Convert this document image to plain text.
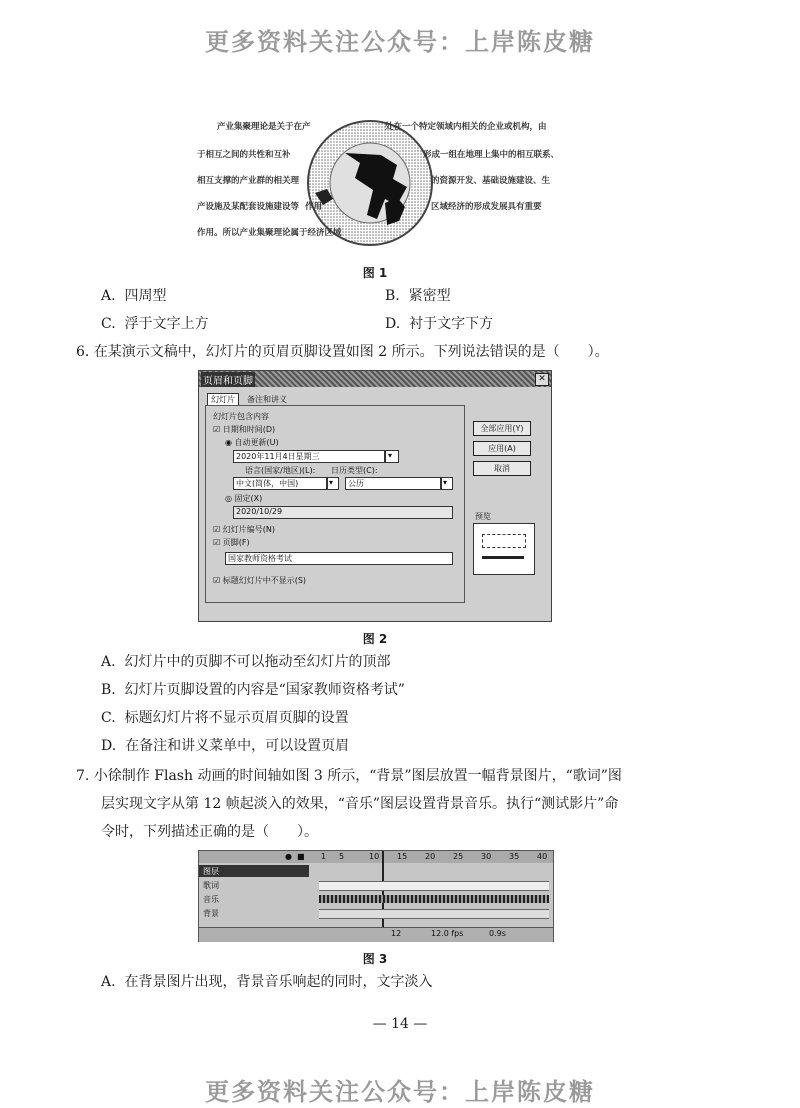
更多资料关注公众号：上岸陈皮糖
产业集聚理论是关于在产	处在一个特定领域内相关的企业或机构，由
于相互之间的共性和互补	形成一组在地理上集中的相互联系、
相互支撑的产业群的相关理	的资源开发、基础设施建设、生
产设施及某配套设施建设等 作用	区域经济的形成发展具有重要
作用。所以产业集聚理论属于经济区域
图 1
A. 四周型	B. 紧密型
C. 浮于文字上方	D. 衬于文字下方
6. 在某演示文稿中，幻灯片的页眉页脚设置如图 2 所示。下列说法错误的是（　　）。
页眉和页脚	✕
幻灯片	备注和讲义
幻灯片包含内容
☑ 日期和时间(D)
◉ 自动更新(U)
2020年11月4日星期三	▾
语言(国家/地区)(L): 日历类型(C):
中文(简体，中国)	▾ 公历	▾
◎ 固定(X)
2020/10/29
☑ 幻灯片编号(N)
☑ 页脚(F)
国家教师资格考试
☑ 标题幻灯片中不显示(S)
全部应用(Y)
应用(A)
取消
预览
图 2
A. 幻灯片中的页脚不可以拖动至幻灯片的顶部
B. 幻灯片页脚设置的内容是“国家教师资格考试”
C. 标题幻灯片将不显示页眉页脚的设置
D. 在备注和讲义菜单中，可以设置页眉
7. 小徐制作 Flash 动画的时间轴如图 3 所示，“背景”图层放置一幅背景图片，“歌词”图
层实现文字从第 12 帧起淡入的效果，“音乐”图层设置背景音乐。执行“测试影片”命
令时，下列描述正确的是（　　）。
● ■ 1 5	10 15 20 25 30 35 40
图层
歌词
音乐
背景
12	12.0 fps	0.9s
图 3
A. 在背景图片出现，背景音乐响起的同时，文字淡入
— 14 —
更多资料关注公众号：上岸陈皮糖
